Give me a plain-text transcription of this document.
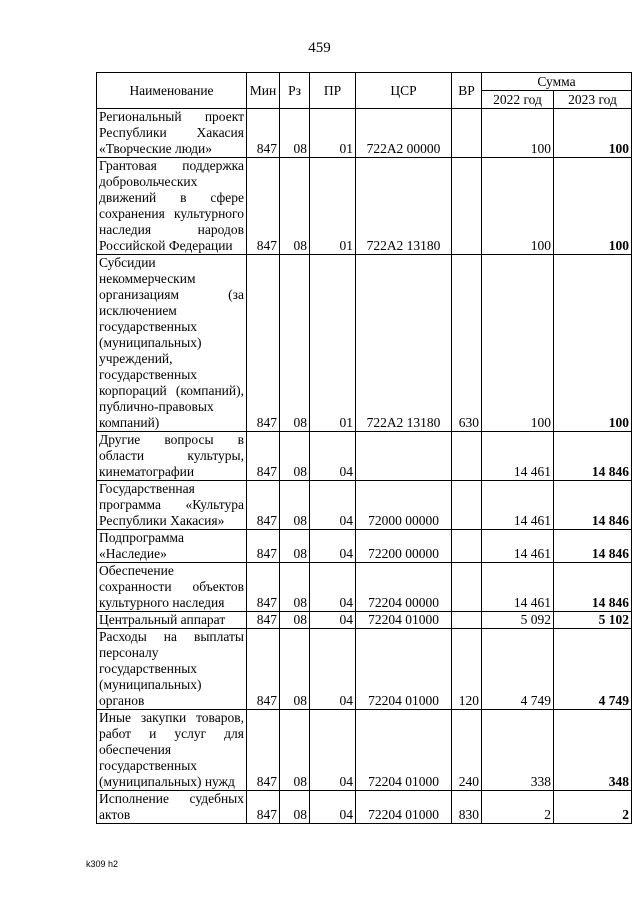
459
Наименование	Мин	Рз	ПР	ЦСР	ВР	Сумма	
						2022 год	2023 год
Региональный проект Республики Хакасия «Творческие люди»	847	08	01	722А2 00000		100	100
Грантовая поддержка добровольческих движений в сфере сохранения культурного наследия народов Российской Федерации	847	08	01	722А2 13180		100	100
Субсидии некоммерческим организациям (за исключением государственных (муниципальных) учреждений, государственных корпораций (компаний), публично-правовых компаний)	847	08	01	722А2 13180	630	100	100
Другие вопросы в области культуры, кинематографии	847	08	04			14 461	14 846
Государственная программа «Культура Республики Хакасия»	847	08	04	72000 00000		14 461	14 846
Подпрограмма «Наследие»	847	08	04	72200 00000		14 461	14 846
Обеспечение сохранности объектов культурного наследия	847	08	04	72204 00000		14 461	14 846
Центральный аппарат	847	08	04	72204 01000		5 092	5 102
Расходы на выплаты персоналу государственных (муниципальных) органов	847	08	04	72204 01000	120	4 749	4 749
Иные закупки товаров, работ и услуг для обеспечения государственных (муниципальных) нужд	847	08	04	72204 01000	240	338	348
Исполнение судебных актов	847	08	04	72204 01000	830	2	2
k309 h2
